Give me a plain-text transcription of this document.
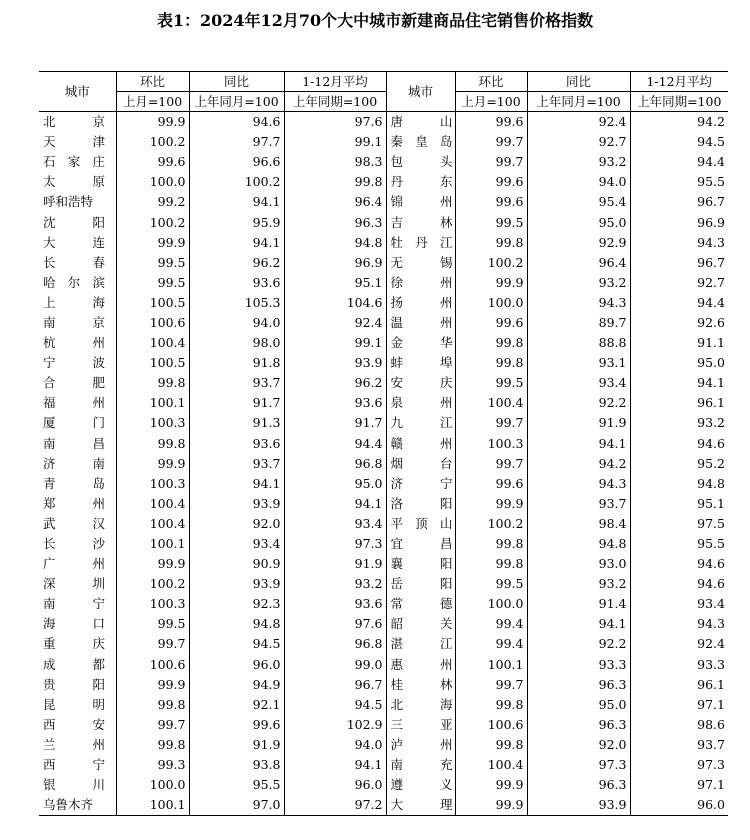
表1：2024年12月70个大中城市新建商品住宅销售价格指数
城市	环比	同比	1-12月平均	城市	环比	同比	1-12月平均
	上月=100	上年同月=100	上年同期=100		上月=100	上年同月=100	上年同期=100

北京	99.9	94.6	97.6	唐山	99.6	92.4	94.2

天津	100.2	97.7	99.1	秦皇岛	99.7	92.7	94.5

石家庄	99.6	96.6	98.3	包头	99.7	93.2	94.4

太原	100.0	100.2	99.8	丹东	99.6	94.0	95.5

呼和浩特	99.2	94.1	96.4	锦州	99.6	95.4	96.7

沈阳	100.2	95.9	96.3	吉林	99.5	95.0	96.9

大连	99.9	94.1	94.8	牡丹江	99.8	92.9	94.3

长春	99.5	96.2	96.9	无锡	100.2	96.4	96.7

哈尔滨	99.5	93.6	95.1	徐州	99.9	93.2	92.7

上海	100.5	105.3	104.6	扬州	100.0	94.3	94.4

南京	100.6	94.0	92.4	温州	99.6	89.7	92.6

杭州	100.4	98.0	99.1	金华	99.8	88.8	91.1

宁波	100.5	91.8	93.9	蚌埠	99.8	93.1	95.0

合肥	99.8	93.7	96.2	安庆	99.5	93.4	94.1

福州	100.1	91.7	93.6	泉州	100.4	92.2	96.1

厦门	100.3	91.3	91.7	九江	99.7	91.9	93.2

南昌	99.8	93.6	94.4	赣州	100.3	94.1	94.6

济南	99.9	93.7	96.8	烟台	99.7	94.2	95.2

青岛	100.3	94.1	95.0	济宁	99.6	94.3	94.8

郑州	100.4	93.9	94.1	洛阳	99.9	93.7	95.1

武汉	100.4	92.0	93.4	平顶山	100.2	98.4	97.5

长沙	100.1	93.4	97.3	宜昌	99.8	94.8	95.5

广州	99.9	90.9	91.9	襄阳	99.8	93.0	94.6

深圳	100.2	93.9	93.2	岳阳	99.5	93.2	94.6

南宁	100.3	92.3	93.6	常德	100.0	91.4	93.4

海口	99.5	94.8	97.6	韶关	99.4	94.1	94.3

重庆	99.7	94.5	96.8	湛江	99.4	92.2	92.4

成都	100.6	96.0	99.0	惠州	100.1	93.3	93.3

贵阳	99.9	94.9	96.7	桂林	99.7	96.3	96.1

昆明	99.8	92.1	94.5	北海	99.8	95.0	97.1

西安	99.7	99.6	102.9	三亚	100.6	96.3	98.6

兰州	99.8	91.9	94.0	泸州	99.8	92.0	93.7

西宁	99.3	93.8	94.1	南充	100.4	97.3	97.3

银川	100.0	95.5	96.0	遵义	99.9	96.3	97.1

乌鲁木齐	100.1	97.0	97.2	大理	99.9	93.9	96.0
